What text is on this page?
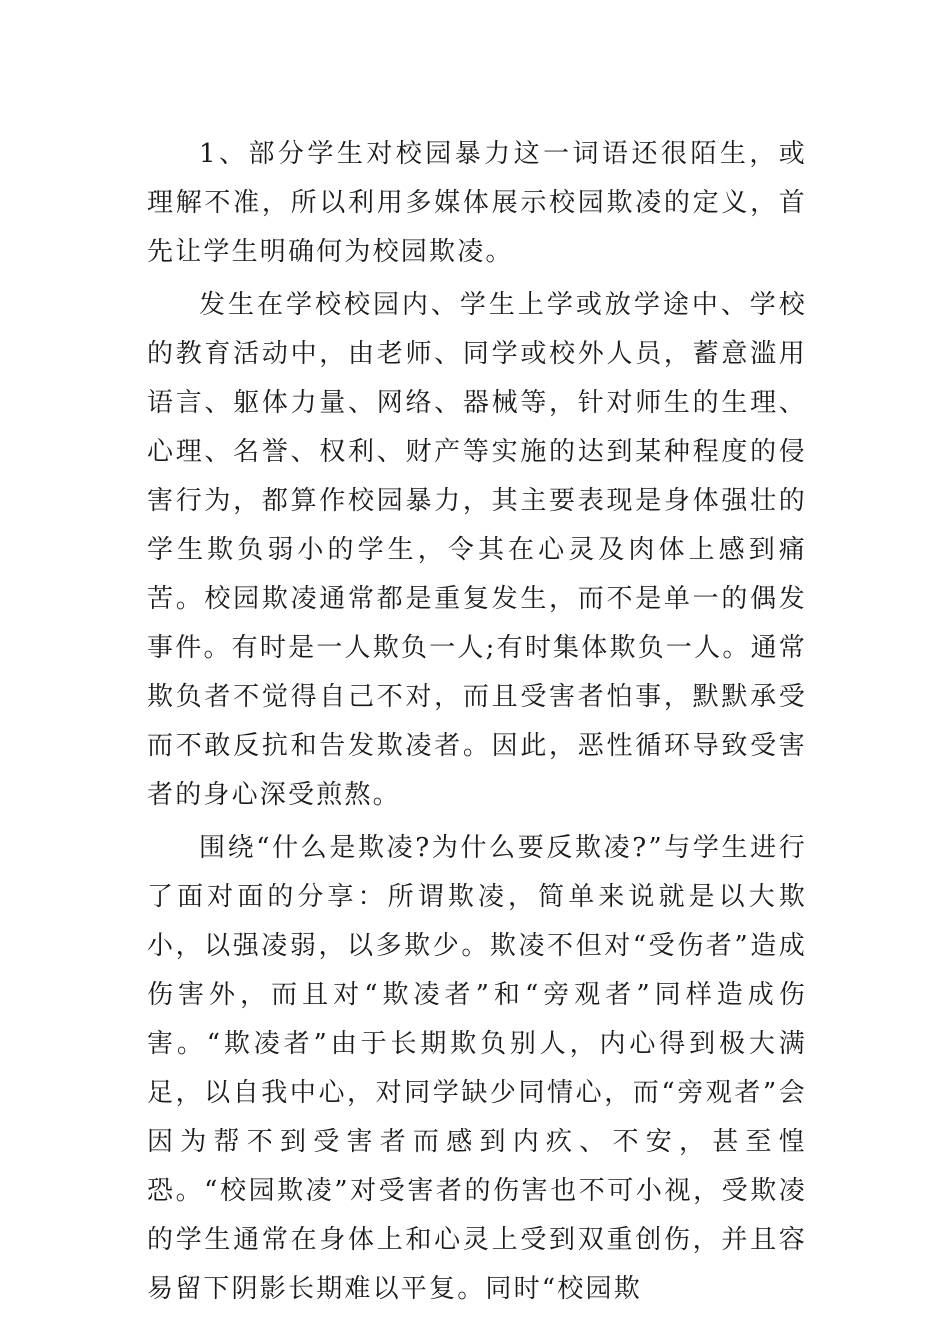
1、部分学生对校园暴力这一词语还很陌生，或理解不准，所以利用多媒体展示校园欺凌的定义，首先让学生明确何为校园欺凌。

发生在学校校园内、学生上学或放学途中、学校的教育活动中，由老师、同学或校外人员，蓄意滥用语言、躯体力量、网络、器械等，针对师生的生理、心理、名誉、权利、财产等实施的达到某种程度的侵害行为，都算作校园暴力，其主要表现是身体强壮的学生欺负弱小的学生，令其在心灵及肉体上感到痛苦。校园欺凌通常都是重复发生，而不是单一的偶发事件。有时是一人欺负一人;有时集体欺负一人。通常欺负者不觉得自己不对，而且受害者怕事，默默承受而不敢反抗和告发欺凌者。因此，恶性循环导致受害者的身心深受煎熬。

围绕“什么是欺凌?为什么要反欺凌?”与学生进行了面对面的分享：所谓欺凌，简单来说就是以大欺小，以强凌弱，以多欺少。欺凌不但对“受伤者”造成伤害外，而且对“欺凌者”和“旁观者”同样造成伤害。“欺凌者”由于长期欺负别人，内心得到极大满足，以自我中心，对同学缺少同情心，而“旁观者”会因为帮不到受害者而感到内疚、不安，甚至惶恐。“校园欺凌”对受害者的伤害也不可小视，受欺凌的学生通常在身体上和心灵上受到双重创伤，并且容易留下阴影长期难以平复。同时“校园欺
